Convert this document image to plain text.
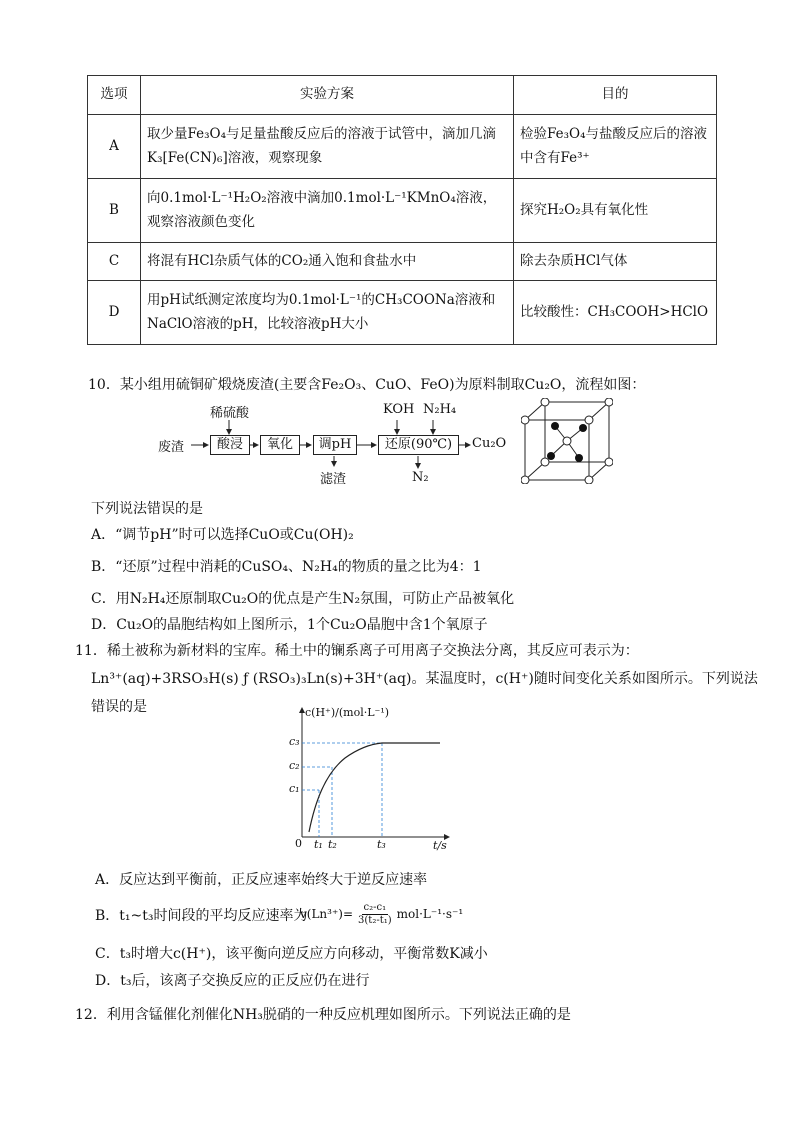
选项	实验方案	目的
A	取少量Fe₃O₄与足量盐酸反应后的溶液于试管中，滴加几滴K₃[Fe(CN)₆]溶液，观察现象	检验Fe₃O₄与盐酸反应后的溶液中含有Fe³⁺
B	向0.1mol·L⁻¹H₂O₂溶液中滴加0.1mol·L⁻¹KMnO₄溶液，观察溶液颜色变化	探究H₂O₂具有氧化性
C	将混有HCl杂质气体的CO₂通入饱和食盐水中	除去杂质HCl气体
D	用pH试纸测定浓度均为0.1mol·L⁻¹的CH₃COONa溶液和NaClO溶液的pH，比较溶液pH大小	比较酸性：CH₃COOH>HClO
10．某小组用硫铜矿煅烧废渣(主要含Fe₂O₃、CuO、FeO)为原料制取Cu₂O，流程如图：
废渣	酸浸	氧化	调pH	还原(90℃)	Cu₂O
稀硫酸	KOH N₂H₄
滤渣	N₂
下列说法错误的是
A．“调节pH”时可以选择CuO或Cu(OH)₂
B．“还原”过程中消耗的CuSO₄、N₂H₄的物质的量之比为4：1
C．用N₂H₄还原制取Cu₂O的优点是产生N₂氛围，可防止产品被氧化
D．Cu₂O的晶胞结构如上图所示，1个Cu₂O晶胞中含1个氧原子
11．稀土被称为新材料的宝库。稀土中的镧系离子可用离子交换法分离，其反应可表示为：
Ln³⁺(aq)+3RSO₃H(s) ƒ (RSO₃)₃Ln(s)+3H⁺(aq)。某温度时，c(H⁺)随时间变化关系如图所示。下列说法
错误的是	c(H⁺)/(mol·L⁻¹)
t/s
0
c₁
c₂
c₃
t₁ t₂	t₃
A．反应达到平衡前，正反应速率始终大于逆反应速率
B．t₁~t₃时间段的平均反应速率为
$v(Ln^{3+})= \frac{\text{c₂-c₁}}{\text{3(t₂-t₁)}} mol\cdot L^{-1}\cdot s^{-1}$
C．t₃时增大c(H⁺)，该平衡向逆反应方向移动，平衡常数K减小
D．t₃后，该离子交换反应的正反应仍在进行
12．利用含锰催化剂催化NH₃脱硝的一种反应机理如图所示。下列说法正确的是
